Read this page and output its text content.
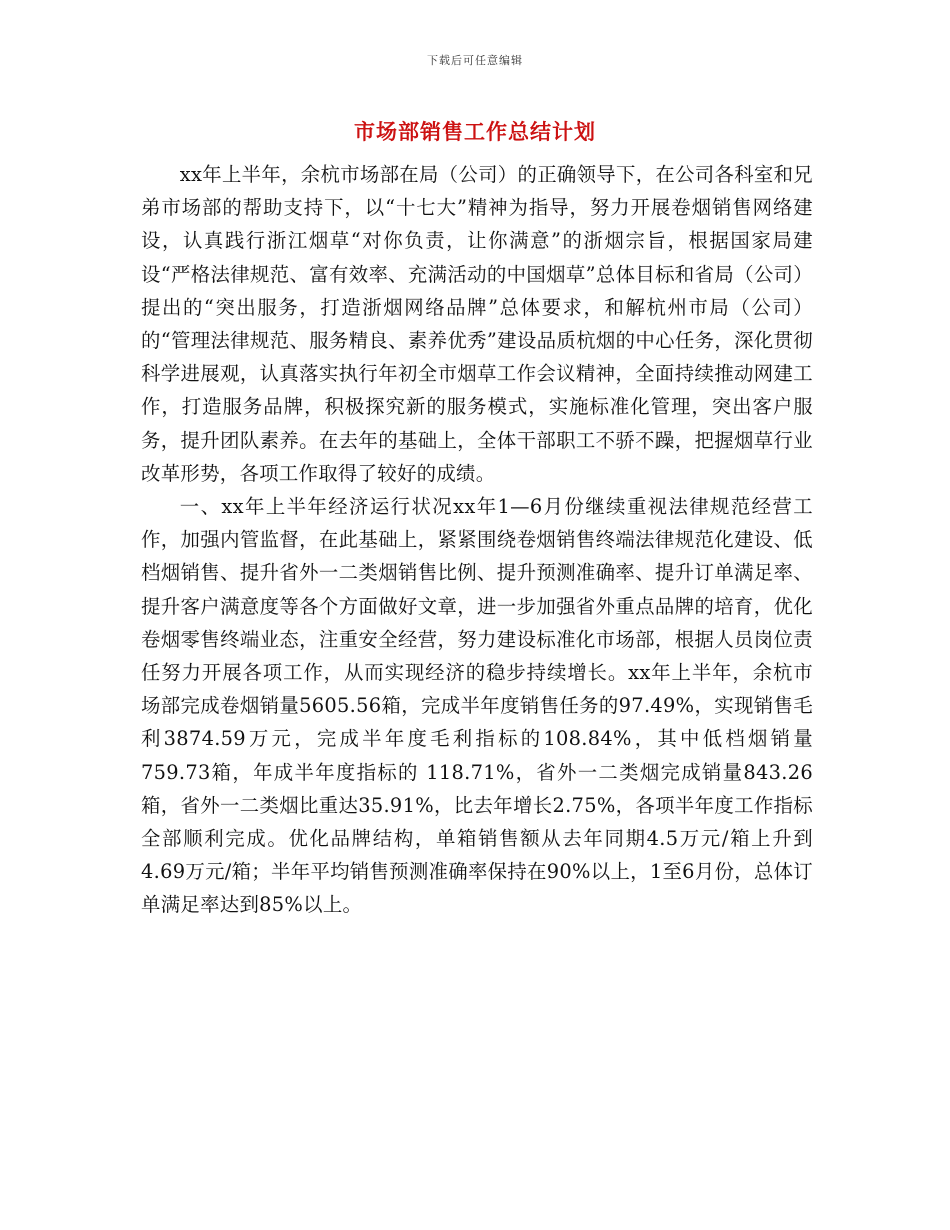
下载后可任意编辑
市场部销售工作总结计划

xx年上半年，余杭市场部在局（公司）的正确领导下，在公司各科室和兄弟市场部的帮助支持下，以“十七大”精神为指导，努力开展卷烟销售网络建设，认真践行浙江烟草“对你负责，让你满意”的浙烟宗旨，根据国家局建设“严格法律规范、富有效率、充满活动的中国烟草”总体目标和省局（公司）提出的“突出服务，打造浙烟网络品牌”总体要求，和解杭州市局（公司）的“管理法律规范、服务精良、素养优秀”建设品质杭烟的中心任务，深化贯彻科学进展观，认真落实执行年初全市烟草工作会议精神，全面持续推动网建工作，打造服务品牌，积极探究新的服务模式，实施标准化管理，突出客户服务，提升团队素养。在去年的基础上，全体干部职工不骄不躁，把握烟草行业改革形势，各项工作取得了较好的成绩。

一、xx年上半年经济运行状况xx年1—6月份继续重视法律规范经营工作，加强内管监督，在此基础上，紧紧围绕卷烟销售终端法律规范化建设、低档烟销售、提升省外一二类烟销售比例、提升预测准确率、提升订单满足率、提升客户满意度等各个方面做好文章，进一步加强省外重点品牌的培育，优化卷烟零售终端业态，注重安全经营，努力建设标准化市场部，根据人员岗位责任努力开展各项工作，从而实现经济的稳步持续增长。xx年上半年，余杭市场部完成卷烟销量5605.56箱，完成半年度销售任务的97.49%，实现销售毛利3874.59万元，完成半年度毛利指标的108.84%，其中低档烟销量759.73箱，年成半年度指标的 118.71%，省外一二类烟完成销量843.26箱，省外一二类烟比重达35.91%，比去年增长2.75%，各项半年度工作指标全部顺利完成。优化品牌结构，单箱销售额从去年同期4.5万元/箱上升到4.69万元/箱；半年平均销售预测准确率保持在90%以上，1至6月份，总体订单满足率达到85%以上。
